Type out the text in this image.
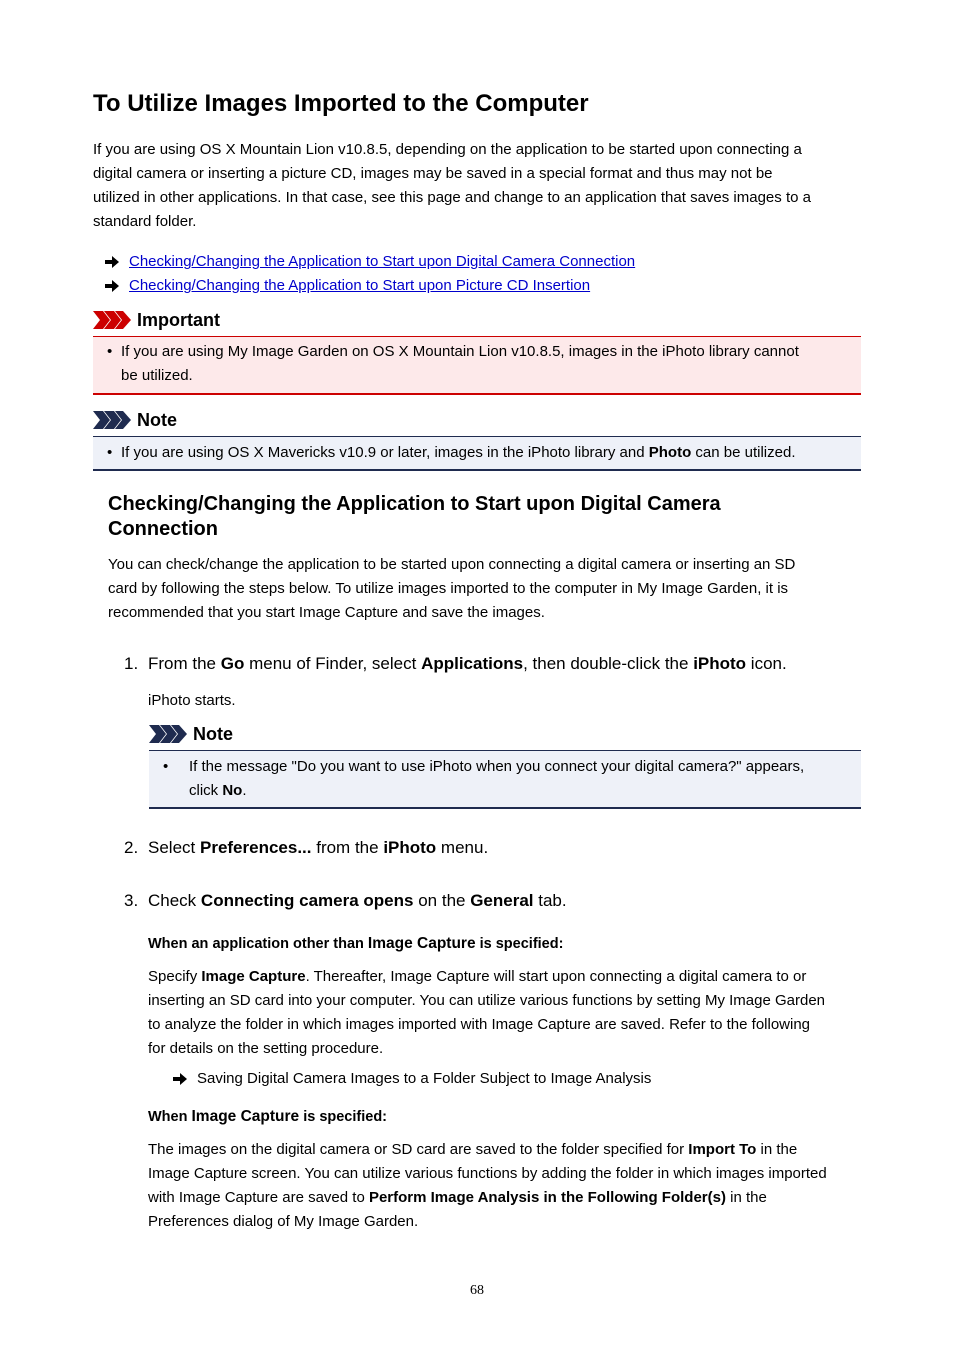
To Utilize Images Imported to the Computer
If you are using OS X Mountain Lion v10.8.5, depending on the application to be started upon connecting a
digital camera or inserting a picture CD, images may be saved in a special format and thus may not be
utilized in other applications. In that case, see this page and change to an application that saves images to a
standard folder.
Checking/Changing the Application to Start upon Digital Camera Connection
Checking/Changing the Application to Start upon Picture CD Insertion
Important
• If you are using My Image Garden on OS X Mountain Lion v10.8.5, images in the iPhoto library cannot
be utilized.
Note
• If you are using OS X Mavericks v10.9 or later, images in the iPhoto library and Photo can be utilized.
Checking/Changing the Application to Start upon Digital Camera
Connection
You can check/change the application to be started upon connecting a digital camera or inserting an SD
card by following the steps below. To utilize images imported to the computer in My Image Garden, it is
recommended that you start Image Capture and save the images.
1. From the Go menu of Finder, select Applications, then double-click the iPhoto icon.
iPhoto starts.
Note
• If the message "Do you want to use iPhoto when you connect your digital camera?" appears,
click No.
2. Select Preferences... from the iPhoto menu.
3. Check Connecting camera opens on the General tab.
When an application other than Image Capture is specified:
Specify Image Capture. Thereafter, Image Capture will start upon connecting a digital camera to or
inserting an SD card into your computer. You can utilize various functions by setting My Image Garden
to analyze the folder in which images imported with Image Capture are saved. Refer to the following
for details on the setting procedure.
Saving Digital Camera Images to a Folder Subject to Image Analysis
When Image Capture is specified:
The images on the digital camera or SD card are saved to the folder specified for Import To in the
Image Capture screen. You can utilize various functions by adding the folder in which images imported
with Image Capture are saved to Perform Image Analysis in the Following Folder(s) in the
Preferences dialog of My Image Garden.
68
